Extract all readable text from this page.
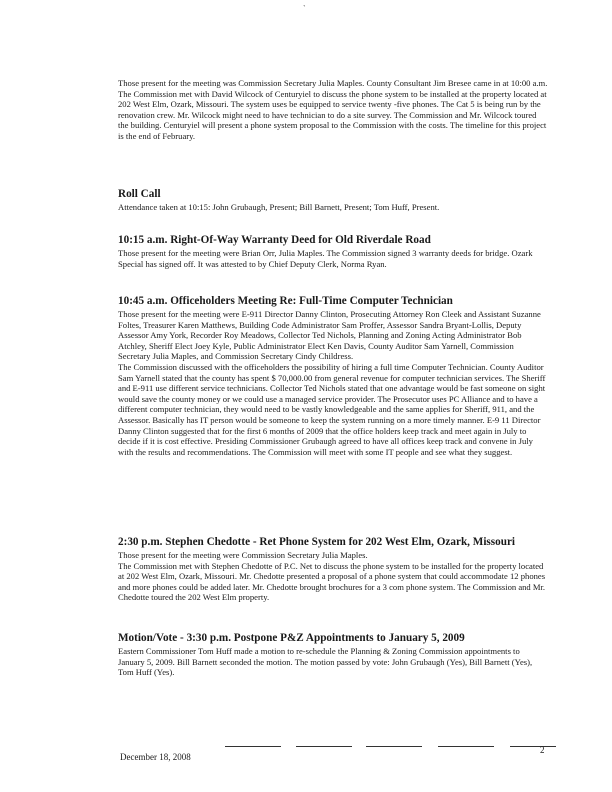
`

Those present for the meeting was Commission Secretary Julia Maples. County Consultant Jim Bresee came in at 10:00 a.m.

The Commission met with David Wilcock of Centuryiel to discuss the phone system to be installed at the property located at 202 West Elm, Ozark, Missouri. The system uses be equipped to service twenty -five phones. The Cat 5 is being run by the renovation crew. Mr. Wilcock might need to have technician to do a site survey. The Commission and Mr. Wilcock toured the building. Centuryiel will present a phone system proposal to the Commission with the costs. The timeline for this project is the end of February.

Roll Call

Attendance taken at 10:15: John Grubaugh, Present; Bill Barnett, Present; Tom Huff, Present.

10:15 a.m. Right-Of-Way Warranty Deed for Old Riverdale Road

Those present for the meeting were Brian Orr, Julia Maples. The Commission signed 3 warranty deeds for bridge. Ozark Special has signed off. It was attested to by Chief Deputy Clerk, Norma Ryan.

10:45 a.m. Officeholders Meeting Re: Full-Time Computer Technician

Those present for the meeting were E-911 Director Danny Clinton, Prosecuting Attorney Ron Cleek and Assistant Suzanne Foltes, Treasurer Karen Matthews, Building Code Administrator Sam Proffer, Assessor Sandra Bryant-Lollis, Deputy Assessor Amy York, Recorder Roy Meadows, Collector Ted Nichols, Planning and Zoning Acting Administrator Bob Atchley, Sheriff Elect Joey Kyle, Public Administrator Elect Ken Davis, County Auditor Sam Yarnell, Commission Secretary Julia Maples, and Commission Secretary Cindy Childress.

The Commission discussed with the officeholders the possibility of hiring a full time Computer Technician. County Auditor Sam Yarnell stated that the county has spent $ 70,000.00 from general revenue for computer technician services. The Sheriff and E-911 use different service technicians. Collector Ted Nichols stated that one advantage would be fast someone on sight would save the county money or we could use a managed service provider. The Prosecutor uses PC Alliance and to have a different computer technician, they would need to be vastly knowledgeable and the same applies for Sheriff, 911, and the Assessor. Basically has IT person would be someone to keep the system running on a more timely manner. E-9 11 Director Danny Clinton suggested that for the first 6 months of 2009 that the office holders keep track and meet again in July to decide if it is cost effective. Presiding Commissioner Grubaugh agreed to have all offices keep track and convene in July with the results and recommendations. The Commission will meet with some IT people and see what they suggest.

2:30 p.m. Stephen Chedotte - Ret Phone System for 202 West Elm, Ozark, Missouri

Those present for the meeting were Commission Secretary Julia Maples.

The Commission met with Stephen Chedotte of P.C. Net to discuss the phone system to be installed for the property located at 202 West Elm, Ozark, Missouri. Mr. Chedotte presented a proposal of a phone system that could accommodate 12 phones and more phones could be added later. Mr. Chedotte brought brochures for a 3 com phone system. The Commission and Mr. Chedotte toured the 202 West Elm property.

Motion/Vote - 3:30 p.m. Postpone P&Z Appointments to January 5, 2009

Eastern Commissioner Tom Huff made a motion to re-schedule the Planning & Zoning Commission appointments to January 5, 2009. Bill Barnett seconded the motion. The motion passed by vote: John Grubaugh (Yes), Bill Barnett (Yes), Tom Huff (Yes).

December 18, 2008
2
